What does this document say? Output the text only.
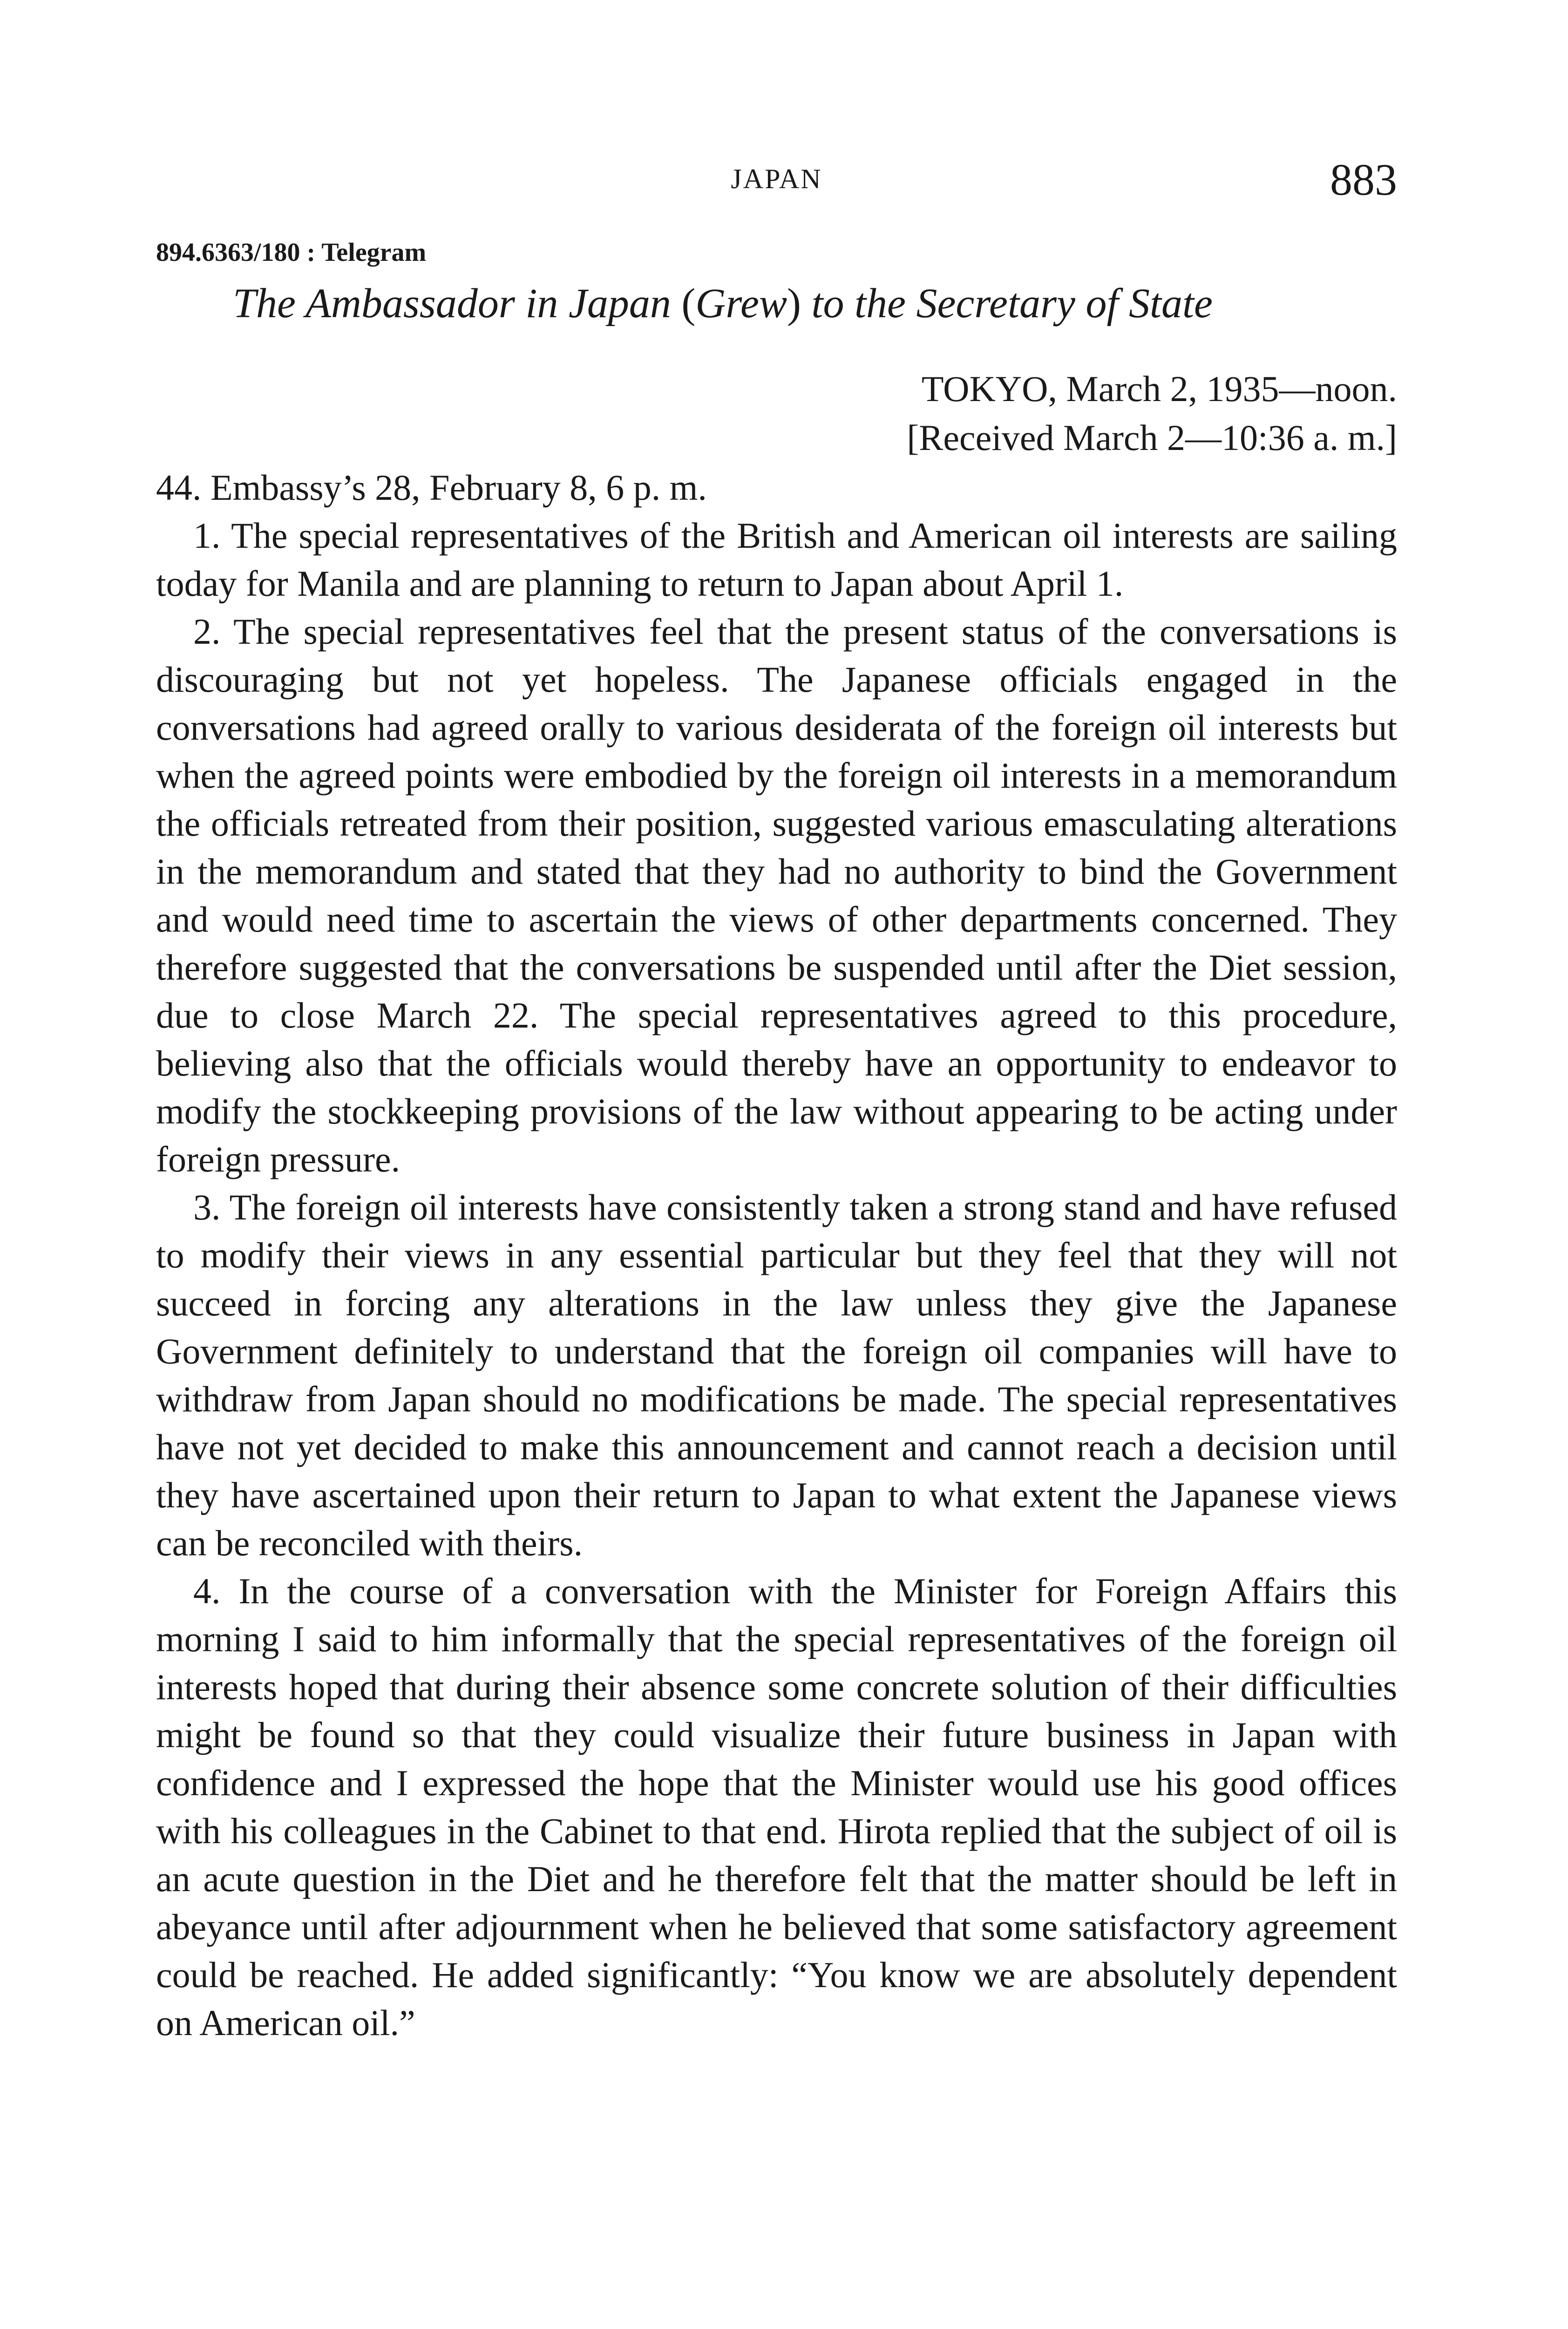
JAPAN	883
894.6363/180 : Telegram
The Ambassador in Japan (Grew) to the Secretary of State
TOKYO, March 2, 1935—noon.
[Received March 2—10:36 a. m.]

44. Embassy’s 28, February 8, 6 p. m.

1. The special representatives of the British and American oil interests are sailing today for Manila and are planning to return to Japan about April 1.

2. The special representatives feel that the present status of the conversations is discouraging but not yet hopeless. The Japanese officials engaged in the conversations had agreed orally to various desiderata of the foreign oil interests but when the agreed points were embodied by the foreign oil interests in a memorandum the officials retreated from their position, suggested various emasculating alterations in the memorandum and stated that they had no authority to bind the Government and would need time to ascertain the views of other departments concerned. They therefore suggested that the conversations be suspended until after the Diet session, due to close March 22. The special representatives agreed to this procedure, believing also that the officials would thereby have an opportunity to endeavor to modify the stockkeeping provisions of the law without appearing to be acting under foreign pressure.

3. The foreign oil interests have consistently taken a strong stand and have refused to modify their views in any essential particular but they feel that they will not succeed in forcing any alterations in the law unless they give the Japanese Government definitely to understand that the foreign oil companies will have to withdraw from Japan should no modifications be made. The special representatives have not yet decided to make this announcement and cannot reach a decision until they have ascertained upon their return to Japan to what extent the Japanese views can be reconciled with theirs.

4. In the course of a conversation with the Minister for Foreign Affairs this morning I said to him informally that the special representatives of the foreign oil interests hoped that during their absence some concrete solution of their difficulties might be found so that they could visualize their future business in Japan with confidence and I expressed the hope that the Minister would use his good offices with his colleagues in the Cabinet to that end. Hirota replied that the subject of oil is an acute question in the Diet and he therefore felt that the matter should be left in abeyance until after adjournment when he believed that some satisfactory agreement could be reached. He added significantly: “You know we are absolutely dependent on American oil.”
